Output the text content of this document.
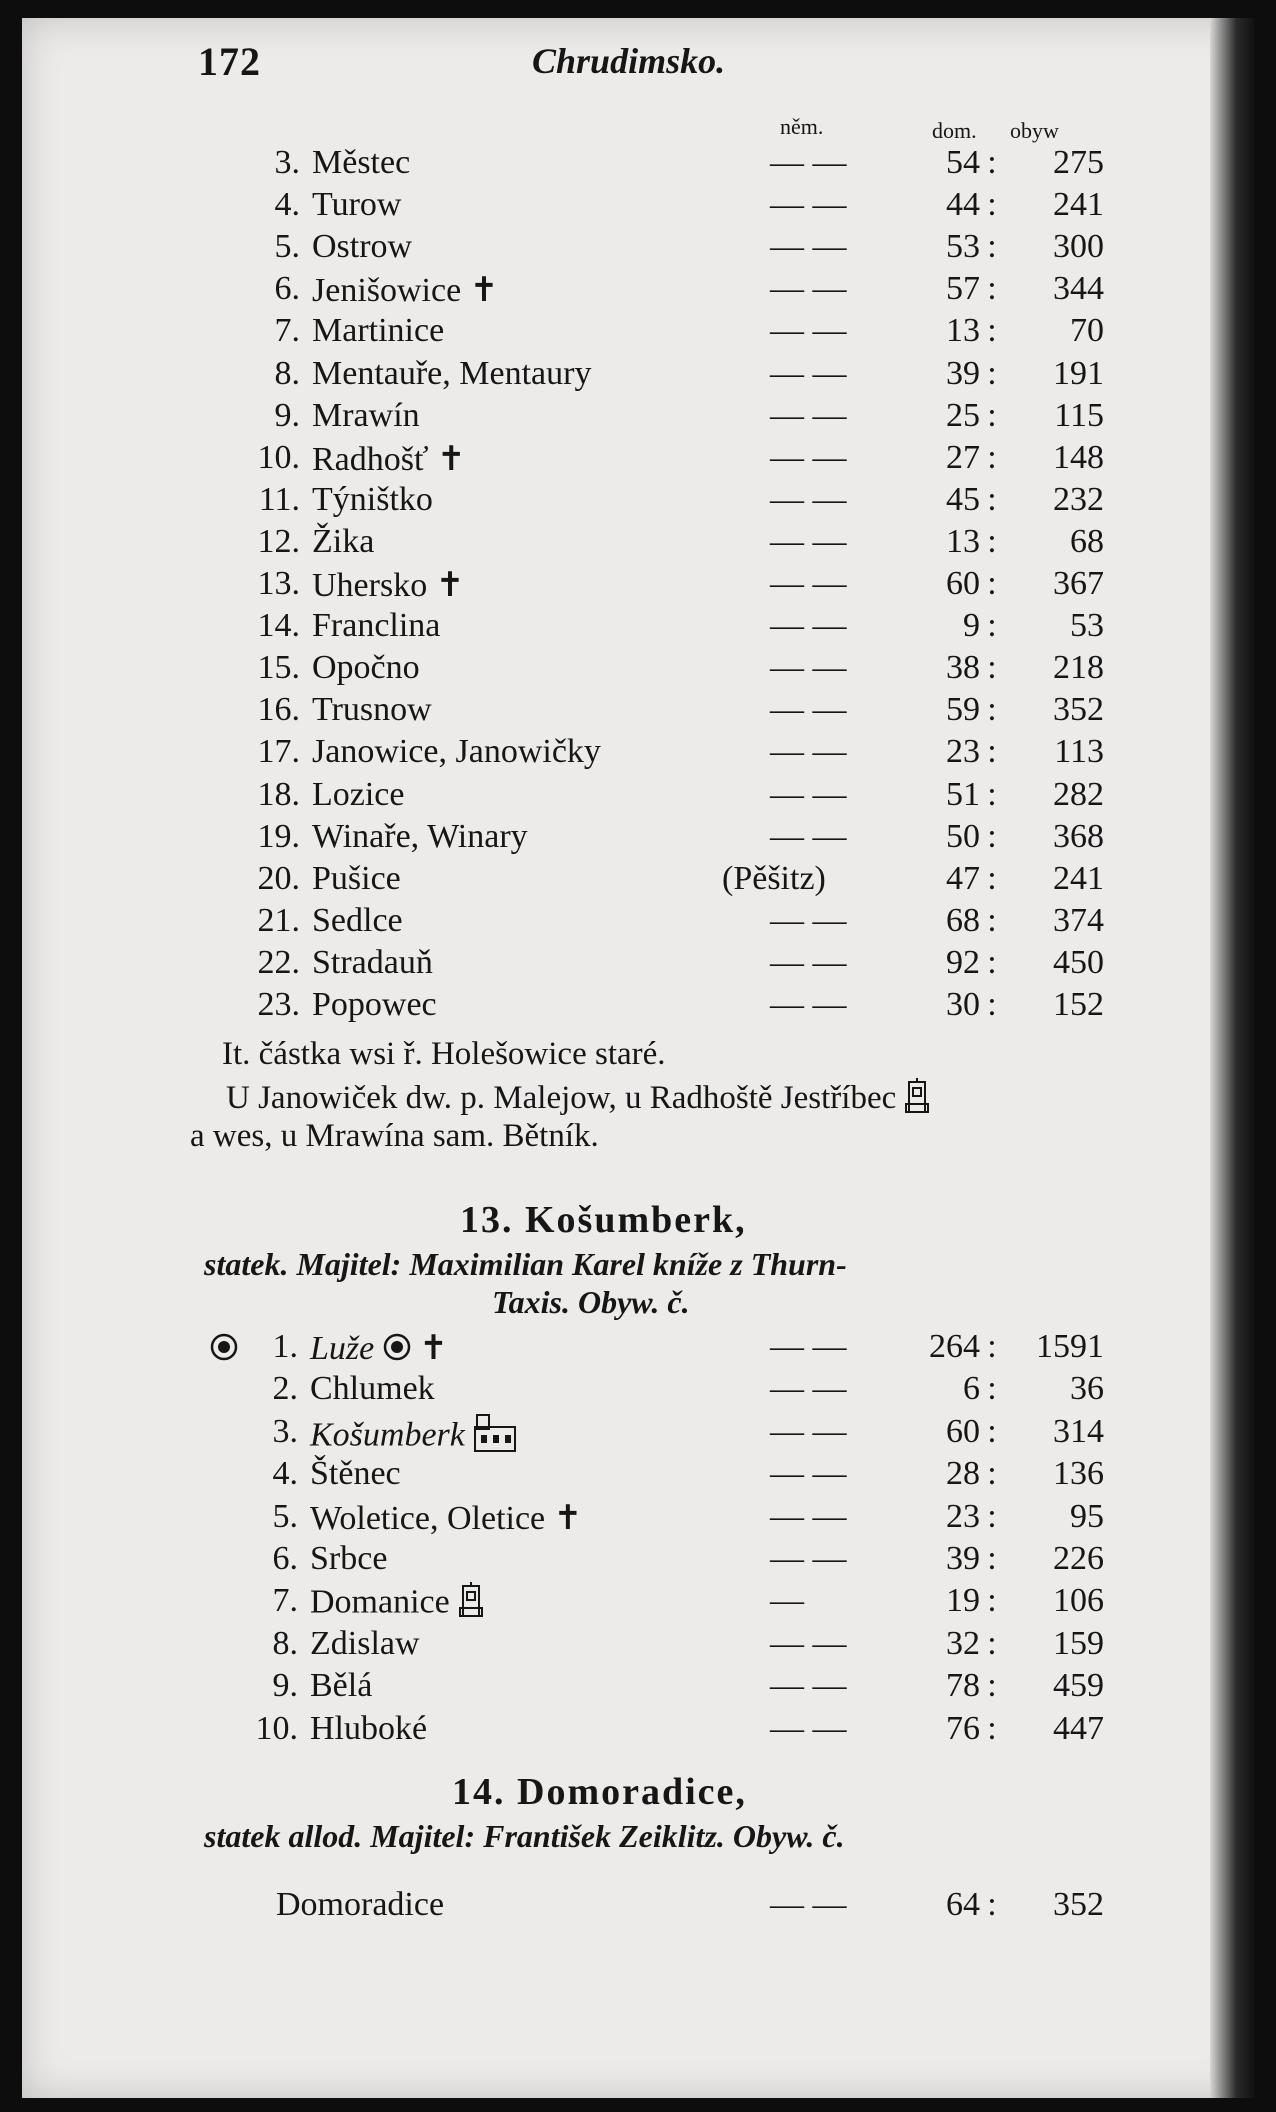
172	Chrudimsko.
něm.	dom. obyw
3. Městec	— —	54 :	275
4. Turow	— —	44 :	241
5. Ostrow	— —	53 :	300
6. Jenišowice ✝	— —	57 :	344
7. Martinice	— —	13 :	70
8. Mentauře, Mentaury	— —	39 :	191
9. Mrawín	— —	25 :	115
10. Radhošť ✝	— —	27 :	148
11. Týništko	— —	45 :	232
12. Žika	— —	13 :	68
13. Uhersko ✝	— —	60 :	367
14. Franclina	— —	9 :	53
15. Opočno	— —	38 :	218
16. Trusnow	— —	59 :	352
17. Janowice, Janowičky	— —	23 :	113
18. Lozice	— —	51 :	282
19. Winaře, Winary	— —	50 :	368
20. Pušice	(Pěšitz)	47 :	241
21. Sedlce	— —	68 :	374
22. Stradauň	— —	92 :	450
23. Popowec	— —	30 :	152
It. částka wsi ř. Holešowice staré.
U Janowiček dw. p. Malejow, u Radhoště Jestříbec
a wes, u Mrawína sam. Bětník.
13. Košumberk,
statek. Majitel: Maximilian Karel kníže z Thurn-
Taxis. Obyw. č.
1. Luže ✝	— —	264 :	1591
2. Chlumek	— —	6 :	36
3. Košumberk	— —	60 :	314
4. Štěnec	— —	28 :	136
5. Woletice, Oletice ✝	— —	23 :	95
6. Srbce	— —	39 :	226
7. Domanice	—	19 :	106
8. Zdislaw	— —	32 :	159
9. Bělá	— —	78 :	459
10. Hluboké	— —	76 :	447
14. Domoradice,
statek allod. Majitel: František Zeiklitz. Obyw. č.
Domoradice	— —	64 :	352
